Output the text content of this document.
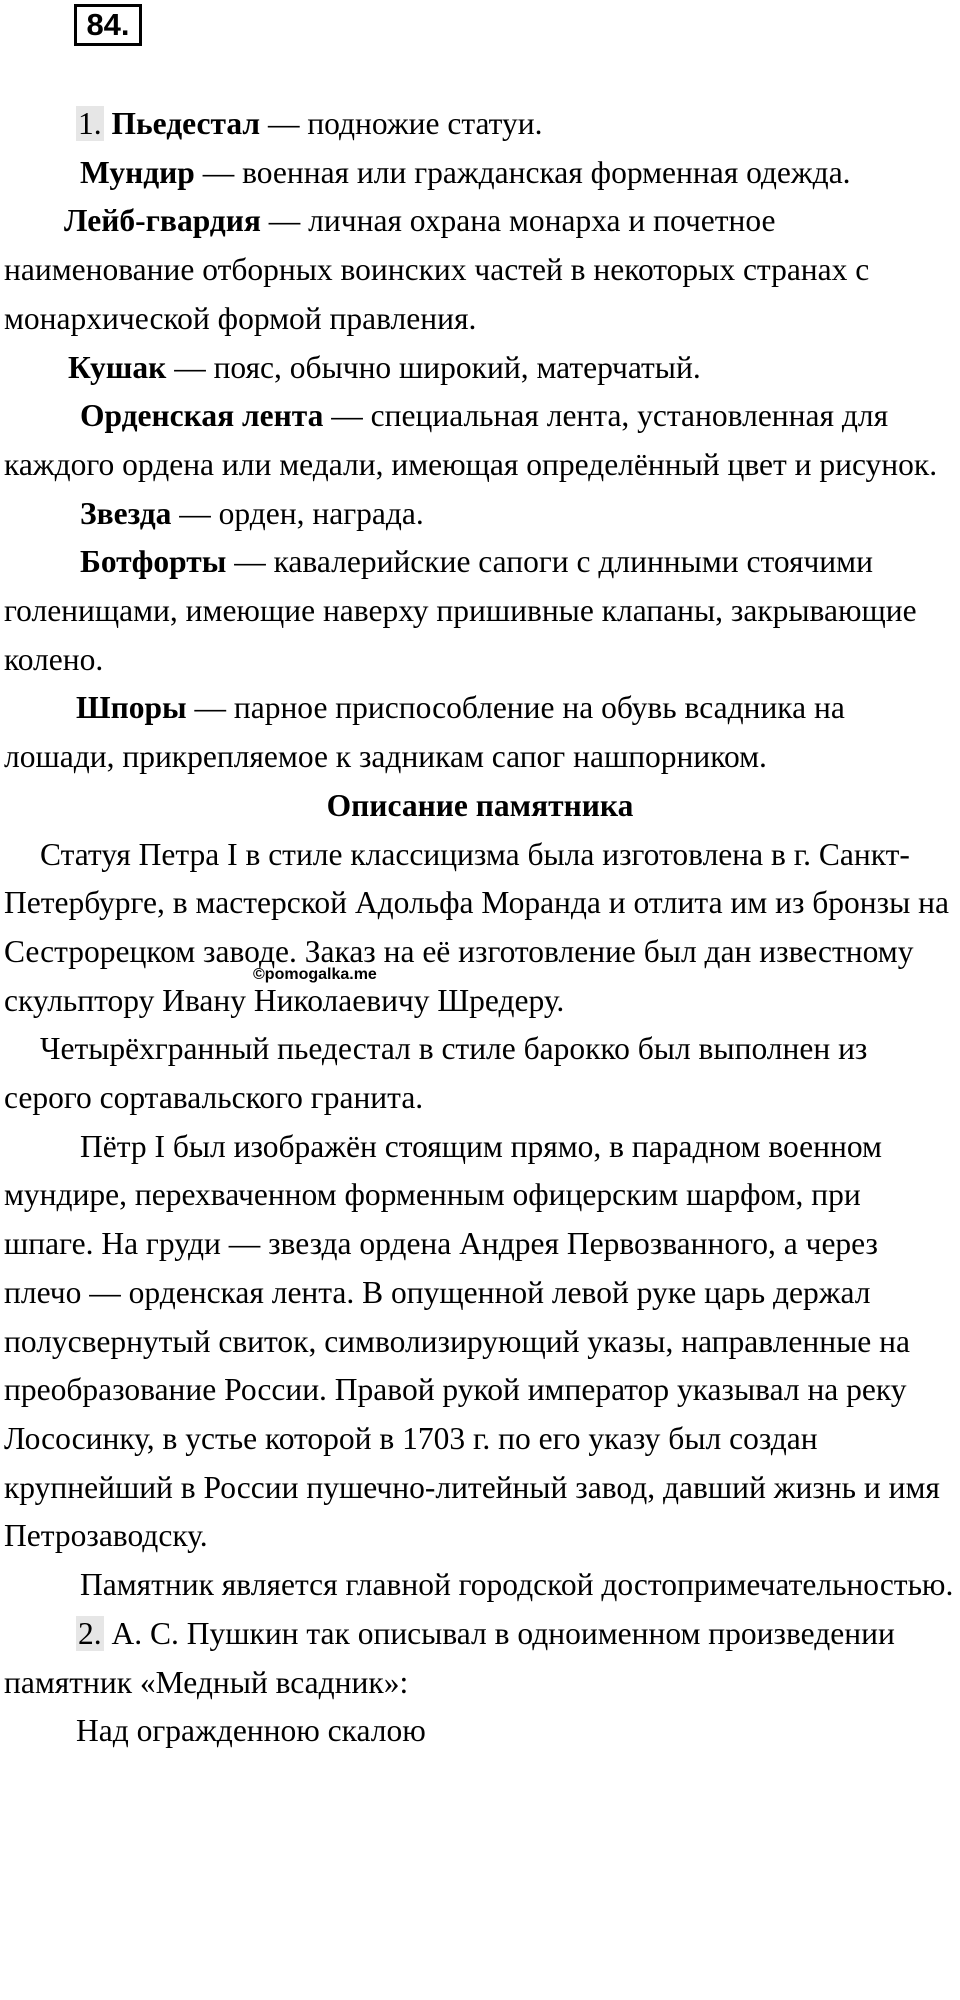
84.

1. Пьедестал — подножие статуи.

Мундир — военная или гражданская форменная одежда.

Лейб-гвардия — личная охрана монарха и почетное наименование отборных воинских частей в некоторых странах с монархической формой правления.

Кушак — пояс, обычно широкий, матерчатый.

Орденская лента — специальная лента, установленная для каждого ордена или медали, имеющая определённый цвет и рисунок.

Звезда — орден, награда.

Ботфорты — кавалерийские сапоги с длинными стоячими голенищами, имеющие наверху пришивные клапаны, закрывающие колено.

Шпоры — парное приспособление на обувь всадника на лошади, прикрепляемое к задникам сапог нашпорником.

Описание памятника

Статуя Петра I в стиле классицизма была изготовлена в г. Санкт-Петербурге, в мастерской Адольфа Моранда и отлита им из бронзы на Сестрорецком заводе. Заказ на её изготовление был дан известному скульптору Ивану Николаевичу Шредеру.

Четырёхгранный пьедестал в стиле барокко был выполнен из серого сортавальского гранита.

Пётр I был изображён стоящим прямо, в парадном военном мундире, перехваченном форменным офицерским шарфом, при шпаге. На груди — звезда ордена Андрея Первозванного, а через плечо — орденская лента. В опущенной левой руке царь держал полусвернутый свиток, символизирующий указы, направленные на преобразование России. Правой рукой император указывал на реку Лососинку, в устье которой в 1703 г. по его указу был создан крупнейший в России пушечно-литейный завод, давший жизнь и имя Петрозаводску.

Памятник является главной городской достопримечательностью.

2. А. С. Пушкин так описывал в одноименном произведении памятник «Медный всадник»:

Над огражденною скалою

©pomogalka.me
